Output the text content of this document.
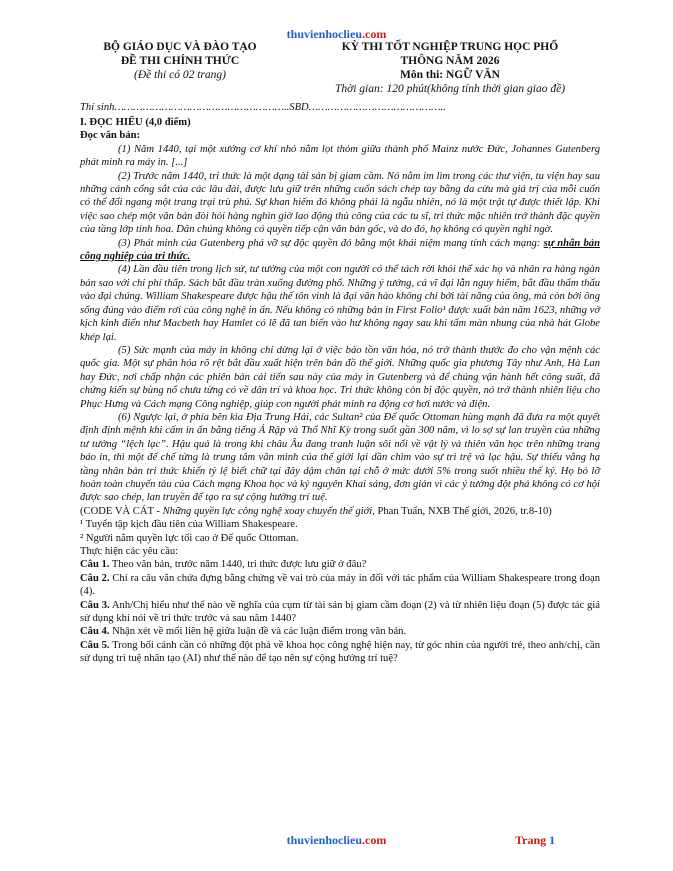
thuvienhoclieu.com
BỘ GIÁO DỤC VÀ ĐÀO TẠO
ĐỀ THI CHÍNH THỨC
(Đề thi có 02 trang)
KỲ THI TỐT NGHIỆP TRUNG HỌC PHỔ
THÔNG NĂM 2026
Môn thi: NGỮ VĂN
Thời gian: 120 phút(không tính thời gian giao đề)
Thí sinh………………………………………………..SBD……………………………………..

I. ĐỌC HIỂU (4,0 điểm)

Đọc văn bản:

(1) Năm 1440, tại một xưởng cơ khí nhỏ nằm lọt thỏm giữa thành phố Mainz nước Đức, Johannes Gutenberg phát minh ra máy in. [...]

(2) Trước năm 1440, tri thức là một dạng tài sản bị giam cầm. Nó nằm im lìm trong các thư viện, tu viện hay sau những cánh cổng sắt của các lâu đài, được lưu giữ trên những cuốn sách chép tay bằng da cừu mà giá trị của mỗi cuốn có thể đổi ngang một trang trại trù phú. Sự khan hiếm đó không phải là ngẫu nhiên, nó là một trật tự được thiết lập. Khi việc sao chép một văn bản đòi hỏi hàng nghìn giờ lao động thủ công của các tu sĩ, tri thức mặc nhiên trở thành đặc quyền của tầng lớp tinh hoa. Dân chúng không có quyền tiếp cận văn bản gốc, và do đó, họ không có quyền nghi ngờ.

(3) Phát minh của Gutenberg phá vỡ sự độc quyền đó bằng một khái niệm mang tính cách mạng: sự nhân bản công nghiệp của tri thức.

(4) Lần đầu tiên trong lịch sử, tư tưởng của một con người có thể tách rời khỏi thể xác họ và nhân ra hàng ngàn bản sao với chi phí thấp. Sách bắt đầu tràn xuống đường phố. Những ý tưởng, cả vĩ đại lẫn nguy hiểm, bắt đầu thẩm thấu vào đại chúng. William Shakespeare được hậu thế tôn vinh là đại văn hào không chỉ bởi tài năng của ông, mà còn bởi ông sống đúng vào điểm rơi của công nghệ in ấn. Nếu không có những bản in First Folio¹ được xuất bản năm 1623, những vở kịch kinh điển như Macbeth hay Hamlet có lẽ đã tan biến vào hư không ngay sau khi tấm màn nhung của nhà hát Globe khép lại.

(5) Sức mạnh của máy in không chỉ dừng lại ở việc bảo tồn văn hóa, nó trở thành thước đo cho vận mệnh các quốc gia. Một sự phân hóa rõ rệt bắt đầu xuất hiện trên bản đồ thế giới. Những quốc gia phương Tây như Anh, Hà Lan hay Đức, nơi chấp nhận các phiên bản cải tiến sau này của máy in Gutenberg và để chúng vận hành hết công suất, đã chứng kiến sự bùng nổ chưa từng có về dân trí và khoa học. Tri thức không còn bị độc quyền, nó trở thành nhiên liệu cho Phục Hưng và Cách mạng Công nghiệp, giúp con người phát minh ra động cơ hơi nước và điện.

(6) Ngược lại, ở phía bên kia Địa Trung Hải, các Sultan² của Đế quốc Ottoman hùng mạnh đã đưa ra một quyết định định mệnh khi cấm in ấn bằng tiếng Ả Rập và Thổ Nhĩ Kỳ trong suốt gần 300 năm, vì lo sợ sự lan truyền của những tư tưởng “lệch lạc”. Hậu quả là trong khi châu Âu đang tranh luận sôi nổi về vật lý và thiên văn học trên những trang báo in, thì một đế chế từng là trung tâm văn minh của thế giới lại dần chìm vào sự trì trệ và lạc hậu. Sự thiếu vắng hạ tầng nhân bản tri thức khiến tỷ lệ biết chữ tại đây dậm chân tại chỗ ở mức dưới 5% trong suốt nhiều thế kỷ. Họ bỏ lỡ hoàn toàn chuyến tàu của Cách mạng Khoa học và kỷ nguyên Khai sáng, đơn giản vì các ý tưởng đột phá không có cơ hội được sao chép, lan truyền để tạo ra sự cộng hưởng trí tuệ.

(CODE VÀ CÁT - Những quyền lực công nghệ xoay chuyển thế giới, Phan Tuấn, NXB Thế giới, 2026, tr.8-10)

¹ Tuyển tập kịch đầu tiên của William Shakespeare.

² Người nắm quyền lực tối cao ở Đế quốc Ottoman.

Thực hiện các yêu cầu:

Câu 1. Theo văn bản, trước năm 1440, tri thức được lưu giữ ở đâu?

Câu 2. Chỉ ra câu văn chứa đựng bằng chứng về vai trò của máy in đối với tác phẩm của William Shakespeare trong đoạn (4).

Câu 3. Anh/Chị hiểu như thế nào về nghĩa của cụm từ tài sản bị giam cầm đoạn (2) và từ nhiên liệu đoạn (5) được tác giả sử dụng khi nói về tri thức trước và sau năm 1440?

Câu 4. Nhận xét về mối liên hệ giữa luận đề và các luận điểm trong văn bản.

Câu 5. Trong bối cảnh cần có những đột phá về khoa học công nghệ hiện nay, từ góc nhìn của người trẻ, theo anh/chị, cần sử dụng trí tuệ nhân tạo (AI) như thế nào để tạo nên sự cộng hưởng trí tuệ?

thuvienhoclieu.com	Trang 1
